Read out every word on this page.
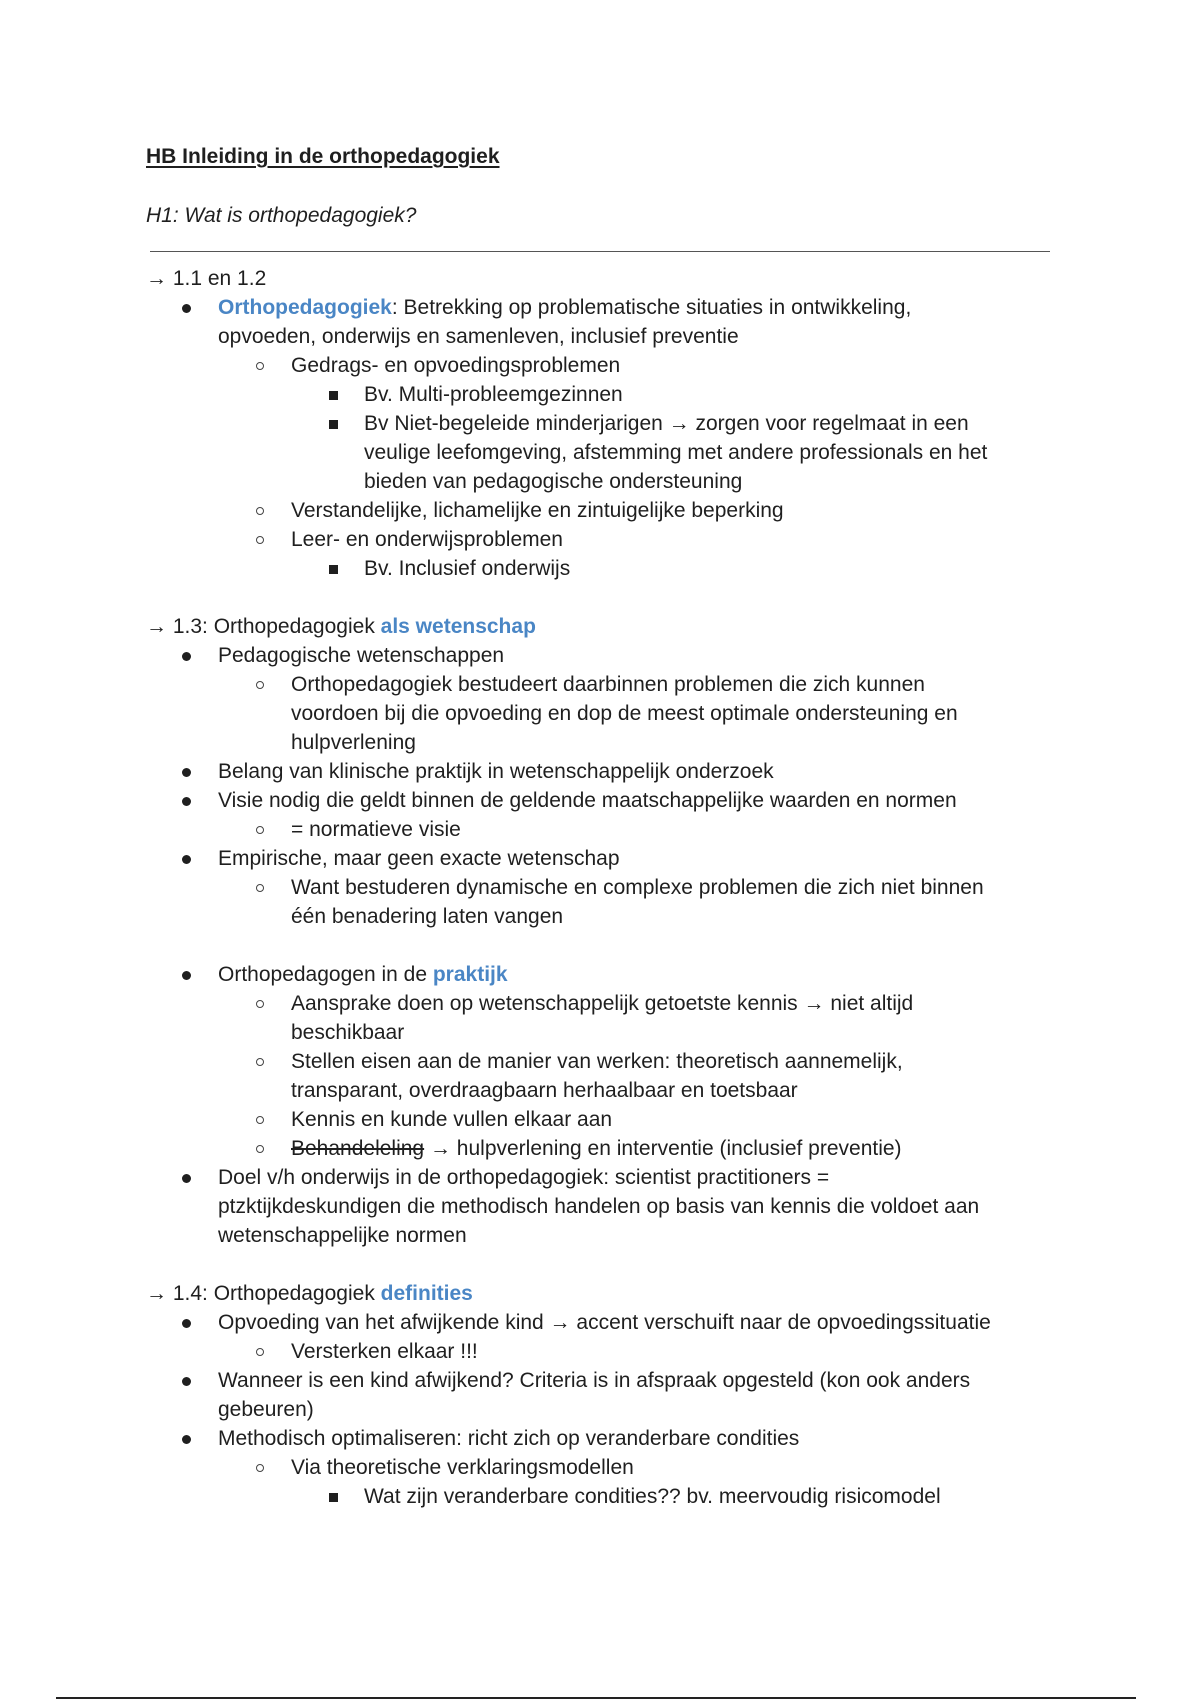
HB Inleiding in de orthopedagogiek
H1: Wat is orthopedagogiek?
→ 1.1 en 1.2
Orthopedagogiek: Betrekking op problematische situaties in ontwikkeling,
opvoeden, onderwijs en samenleven, inclusief preventie
Gedrags- en opvoedingsproblemen
Bv. Multi-probleemgezinnen
Bv Niet-begeleide minderjarigen → zorgen voor regelmaat in een
veulige leefomgeving, afstemming met andere professionals en het
bieden van pedagogische ondersteuning
Verstandelijke, lichamelijke en zintuigelijke beperking
Leer- en onderwijsproblemen
Bv. Inclusief onderwijs
→ 1.3: Orthopedagogiek als wetenschap
Pedagogische wetenschappen
Orthopedagogiek bestudeert daarbinnen problemen die zich kunnen
voordoen bij die opvoeding en dop de meest optimale ondersteuning en
hulpverlening
Belang van klinische praktijk in wetenschappelijk onderzoek
Visie nodig die geldt binnen de geldende maatschappelijke waarden en normen
= normatieve visie
Empirische, maar geen exacte wetenschap
Want bestuderen dynamische en complexe problemen die zich niet binnen
één benadering laten vangen
Orthopedagogen in de praktijk
Aansprake doen op wetenschappelijk getoetste kennis → niet altijd
beschikbaar
Stellen eisen aan de manier van werken: theoretisch aannemelijk,
transparant, overdraagbaarn herhaalbaar en toetsbaar
Kennis en kunde vullen elkaar aan
Behandeleling → hulpverlening en interventie (inclusief preventie)
Doel v/h onderwijs in de orthopedagogiek: scientist practitioners =
ptzktijkdeskundigen die methodisch handelen op basis van kennis die voldoet aan
wetenschappelijke normen
→ 1.4: Orthopedagogiek definities
Opvoeding van het afwijkende kind → accent verschuift naar de opvoedingssituatie
Versterken elkaar !!!
Wanneer is een kind afwijkend? Criteria is in afspraak opgesteld (kon ook anders
gebeuren)
Methodisch optimaliseren: richt zich op veranderbare condities
Via theoretische verklaringsmodellen
Wat zijn veranderbare condities?? bv. meervoudig risicomodel
